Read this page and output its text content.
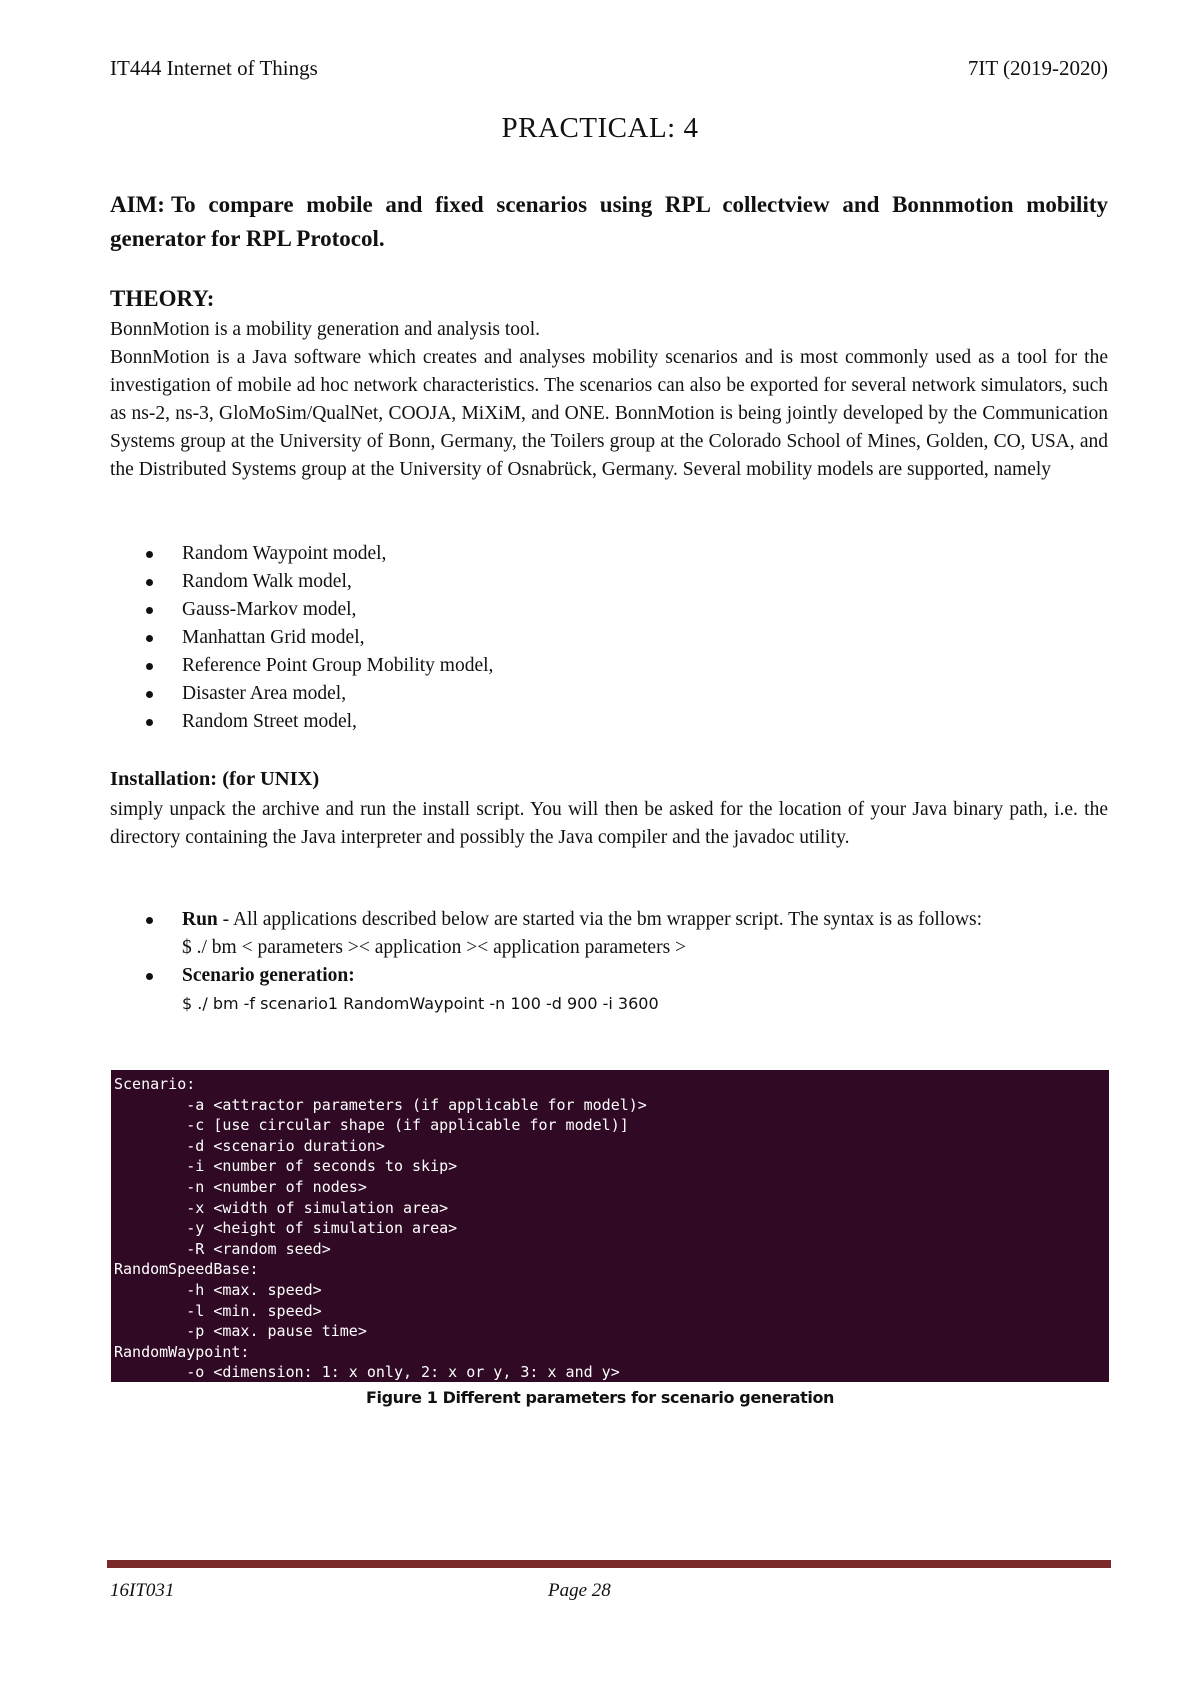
IT444 Internet of Things	7IT (2019-2020)
PRACTICAL: 4
AIM: To compare mobile and fixed scenarios using RPL collectview and Bonnmotion mobility generator for RPL Protocol.
THEORY:

BonnMotion is a mobility generation and analysis tool.

BonnMotion is a Java software which creates and analyses mobility scenarios and is most commonly used as a tool for the investigation of mobile ad hoc network characteristics. The scenarios can also be exported for several network simulators, such as ns-2, ns-3, GloMoSim/QualNet, COOJA, MiXiM, and ONE. BonnMotion is being jointly developed by the Communication Systems group at the University of Bonn, Germany, the Toilers group at the Colorado School of Mines, Golden, CO, USA, and the Distributed Systems group at the University of Osnabrück, Germany. Several mobility models are supported, namely

Random Waypoint model,
Random Walk model,
Gauss-Markov model,
Manhattan Grid model,
Reference Point Group Mobility model,
Disaster Area model,
Random Street model,
Installation: (for UNIX)
simply unpack the archive and run the install script. You will then be asked for the location of your Java binary path, i.e. the directory containing the Java interpreter and possibly the Java compiler and the javadoc utility.
Run - All applications described below are started via the bm wrapper script. The syntax is as follows:
$ ./ bm < parameters >< application >< application parameters >
Scenario generation:
$ ./ bm -f scenario1 RandomWaypoint -n 100 -d 900 -i 3600
Scenario:
-a <attractor parameters (if applicable for model)>
-c [use circular shape (if applicable for model)]
-d <scenario duration>
-i <number of seconds to skip>
-n <number of nodes>
-x <width of simulation area>
-y <height of simulation area>
-R <random seed>
RandomSpeedBase:
-h <max. speed>
-l <min. speed>
-p <max. pause time>
RandomWaypoint:
-o <dimension: 1: x only, 2: x or y, 3: x and y>
Figure 1 Different parameters for scenario generation
16IT031	Page 28
